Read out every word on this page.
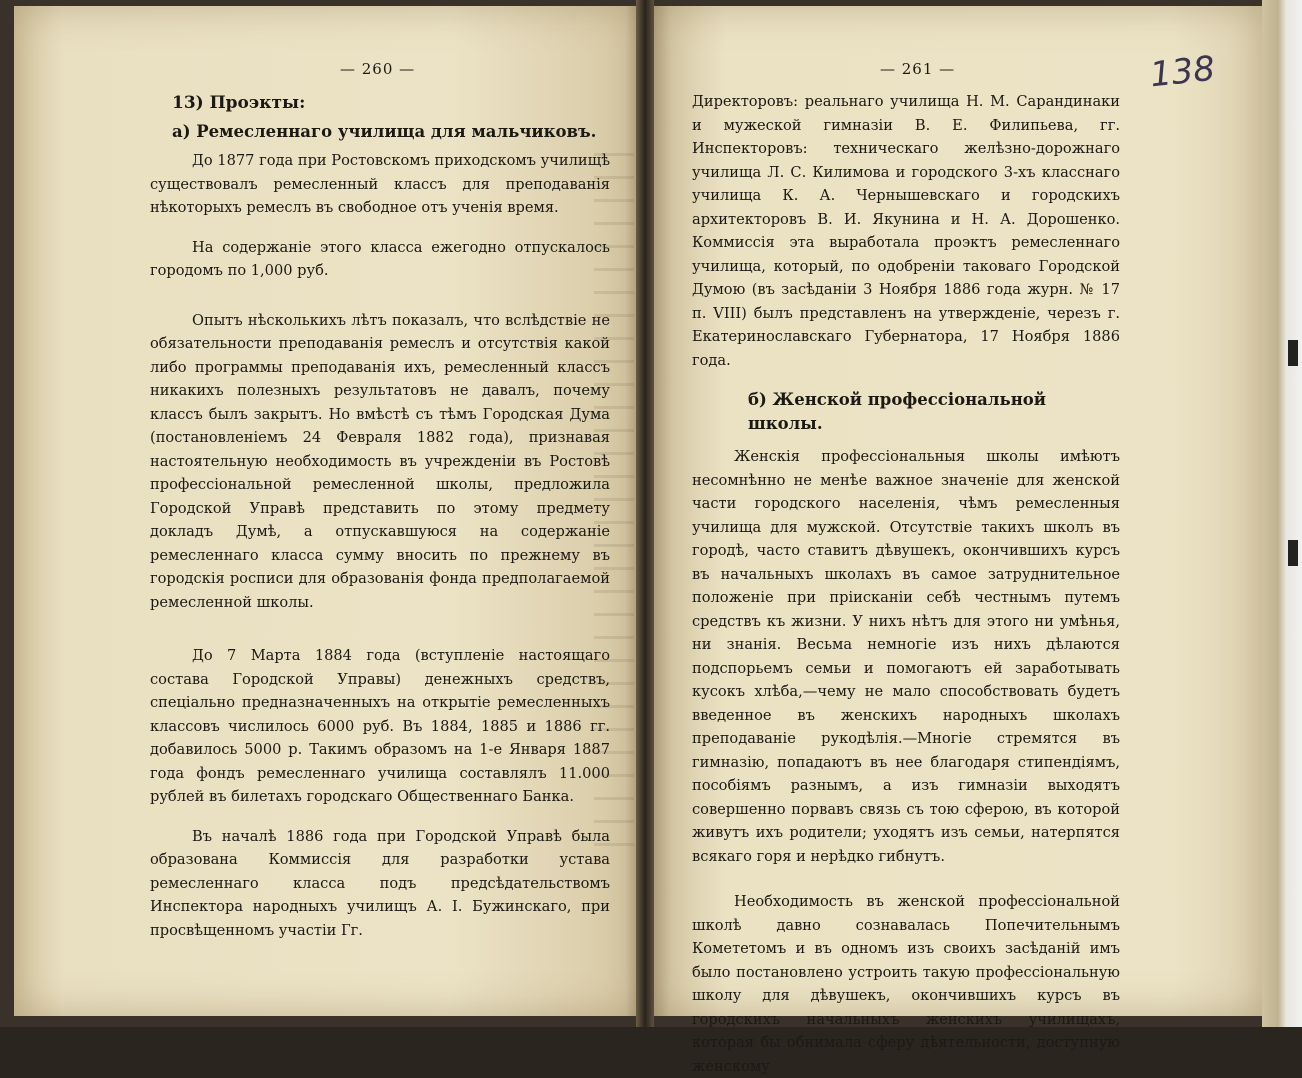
— 260 —
13) Проэкты:
а) Ремесленнаго училища для мальчиковъ.

До 1877 года при Ростовскомъ приходскомъ училищѣ существовалъ ремесленный классъ для преподаванія нѣкоторыхъ ремеслъ въ свободное отъ ученія время.

На содержаніе этого класса ежегодно отпускалось городомъ по 1,000 руб.

Опытъ нѣсколькихъ лѣтъ показалъ, что вслѣдствіе не обязательности преподаванія ремеслъ и отсутствія какой либо программы преподаванія ихъ, ремесленный классъ никакихъ полезныхъ результатовъ не давалъ, почему классъ былъ закрытъ. Но вмѣстѣ съ тѣмъ Городская Дума (постановленіемъ 24 Февраля 1882 года), признавая настоятельную необходимость въ учрежденіи въ Ростовѣ профессіональной ремесленной школы, предложила Городской Управѣ представить по этому предмету докладъ Думѣ, а отпускавшуюся на содержаніе ремесленнаго класса сумму вносить по прежнему въ городскія росписи для образованія фонда предполагаемой ремесленной школы.

До 7 Марта 1884 года (вступленіе настоящаго состава Городской Управы) денежныхъ средствъ, спеціально предназначенныхъ на открытіе ремесленныхъ классовъ числилось 6000 руб. Въ 1884, 1885 и 1886 гг. добавилось 5000 р. Такимъ образомъ на 1-е Января 1887 года фондъ ремесленнаго училища составлялъ 11.000 рублей въ билетахъ городскаго Общественнаго Банка.

Въ началѣ 1886 года при Городской Управѣ была образована Коммиссія для разработки устава ремесленнаго класса подъ предсѣдательствомъ Инспектора народныхъ училищъ А. І. Бужинскаго, при просвѣщенномъ участіи Гг.

— 261 —	138

Директоровъ: реальнаго училища Н. М. Сарандинаки и мужеской гимназіи В. Е. Филипьева, гг. Инспекторовъ: техническаго желѣзно-дорожнаго училища Л. С. Килимова и городского 3-хъ класснаго училища К. А. Чернышевскаго и городскихъ архитекторовъ В. И. Якунина и Н. А. Дорошенко. Коммиссія эта выработала проэктъ ремесленнаго училища, который, по одобреніи таковаго Городской Думою (въ засѣданіи 3 Ноября 1886 года журн. № 17 п. VIII) былъ представленъ на утвержденіе, черезъ г. Екатеринославскаго Губернатора, 17 Ноября 1886 года.

б) Женской профессіональной школы.

Женскія профессіональныя школы имѣютъ несомнѣнно не менѣе важное значеніе для женской части городского населенія, чѣмъ ремесленныя училища для мужской. Отсутствіе такихъ школъ въ городѣ, часто ставитъ дѣвушекъ, окончившихъ курсъ въ начальныхъ школахъ въ самое затруднительное положеніе при пріисканіи себѣ честнымъ путемъ средствъ къ жизни. У нихъ нѣтъ для этого ни умѣнья, ни знанія. Весьма немногіе изъ нихъ дѣлаются подспорьемъ семьи и помогаютъ ей заработывать кусокъ хлѣба,—чему не мало способствовать будетъ введенное въ женскихъ народныхъ школахъ преподаваніе рукодѣлія.—Многіе стремятся въ гимназію, попадаютъ въ нее благодаря стипендіямъ, пособіямъ разнымъ, а изъ гимназіи выходятъ совершенно порвавъ связь съ тою сферою, въ которой живутъ ихъ родители; уходятъ изъ семьи, натерпятся всякаго горя и нерѣдко гибнутъ.

Необходимость въ женской профессіональной школѣ давно сознавалась Попечительнымъ Комететомъ и въ одномъ изъ своихъ засѣданій имъ было постановлено устроить такую профессіональную школу для дѣвушекъ, окончившихъ курсъ въ городскихъ начальныхъ женскихъ училищахъ, которая бы обнимала сферу дѣятельности, доступную женскому
